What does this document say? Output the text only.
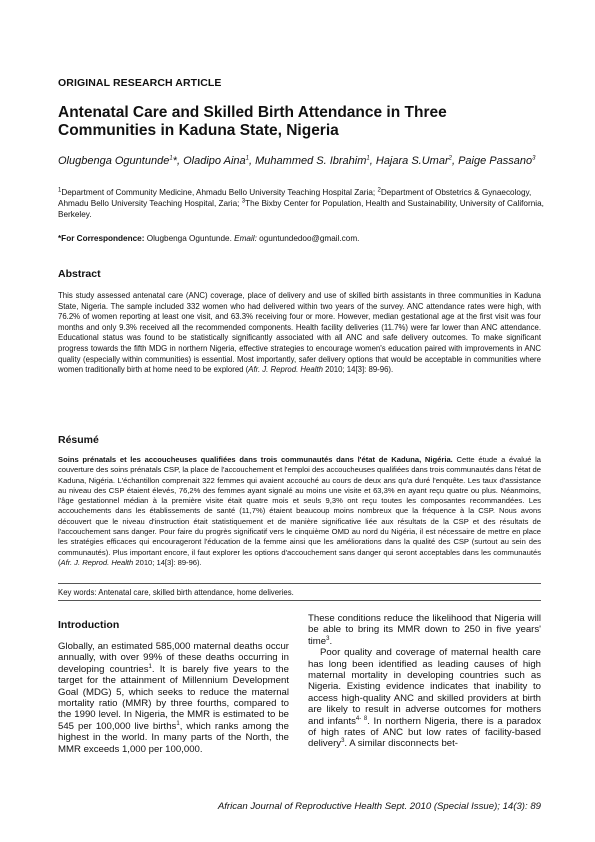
ORIGINAL RESEARCH ARTICLE
Antenatal Care and Skilled Birth Attendance in Three Communities in Kaduna State, Nigeria
Olugbenga Oguntunde$^1$*, Oladipo Aina$^1$, Muhammed S. Ibrahim$^1$, Hajara S.Umar$^2$, Paige Passano$^3$
$^1$Department of Community Medicine, Ahmadu Bello University Teaching Hospital Zaria; $^2$Department of Obstetrics & Gynaecology, Ahmadu Bello University Teaching Hospital, Zaria; $^3$The Bixby Center for Population, Health and Sustainability, University of California, Berkeley.
*For Correspondence: Olugbenga Oguntunde. Email: oguntundedoo@gmail.com.
Abstract
This study assessed antenatal care (ANC) coverage, place of delivery and use of skilled birth assistants in three communities in Kaduna State, Nigeria. The sample included 332 women who had delivered within two years of the survey. ANC attendance rates were high, with 76.2% of women reporting at least one visit, and 63.3% receiving four or more. However, median gestational age at the first visit was four months and only 9.3% received all the recommended components. Health facility deliveries (11.7%) were far lower than ANC attendance. Educational status was found to be statistically significantly associated with all ANC and safe delivery outcomes. To make significant progress towards the fifth MDG in northern Nigeria, effective strategies to encourage women's education paired with improvements in ANC quality (especially within communities) is essential. Most importantly, safer delivery options that would be acceptable in communities where women traditionally birth at home need to be explored (Afr. J. Reprod. Health 2010; 14[3]: 89-96).
Résumé
Soins prénatals et les accoucheuses qualifiées dans trois communautés dans l'état de Kaduna, Nigéria. Cette étude a évalué la couverture des soins prénatals CSP, la place de l'accouchement et l'emploi des accoucheuses qualifiées dans trois communautés dans l'état de Kaduna, Nigéria. L'échantillon comprenait 322 femmes qui avaient accouché au cours de deux ans qu'a duré l'enquête. Les taux d'assistance au niveau des CSP étaient élevés, 76,2% des femmes ayant signalé au moins une visite et 63,3% en ayant reçu quatre ou plus. Néanmoins, l'âge gestationnel médian à la première visite était quatre mois et seuls 9,3% ont reçu toutes les composantes recommandées. Les accouchements dans les établissements de santé (11,7%) étaient beaucoup moins nombreux que la fréquence à la CSP. Nous avons découvert que le niveau d'instruction était statistiquement et de manière significative liée aux résultats de la CSP et des résultats de l'accouchement sans danger. Pour faire du progrès significatif vers le cinquième OMD au nord du Nigéria, il est nécessaire de mettre en place les stratégies efficaces qui encourageront l'éducation de la femme ainsi que les améliorations dans la qualité des CSP (surtout au sein des communautés). Plus important encore, il faut explorer les options d'accouchement sans danger qui seront acceptables dans les communautés (Afr. J. Reprod. Health 2010; 14[3]: 89-96).
Key words: Antenatal care, skilled birth attendance, home deliveries.
Introduction

Globally, an estimated 585,000 maternal deaths occur annually, with over 99% of these deaths occurring in developing countries$^1$. It is barely five years to the target for the attainment of Millennium Development Goal (MDG) 5, which seeks to reduce the maternal mortality ratio (MMR) by three fourths, compared to the 1990 level. In Nigeria, the MMR is estimated to be 545 per 100,000 live births$^1$, which ranks among the highest in the world. In many parts of the North, the MMR exceeds 1,000 per 100,000.

These conditions reduce the likelihood that Nigeria will be able to bring its MMR down to 250 in five years' time$^3$.

Poor quality and coverage of maternal health care has long been identified as leading causes of high maternal mortality in developing countries such as Nigeria. Existing evidence indicates that inability to access high-quality ANC and skilled providers at birth are likely to result in adverse outcomes for mothers and infants$^{4- 8}$. In northern Nigeria, there is a paradox of high rates of ANC but low rates of facility-based delivery$^3$. A similar disconnects bet-

African Journal of Reproductive Health Sept. 2010 (Special Issue); 14(3): 89
